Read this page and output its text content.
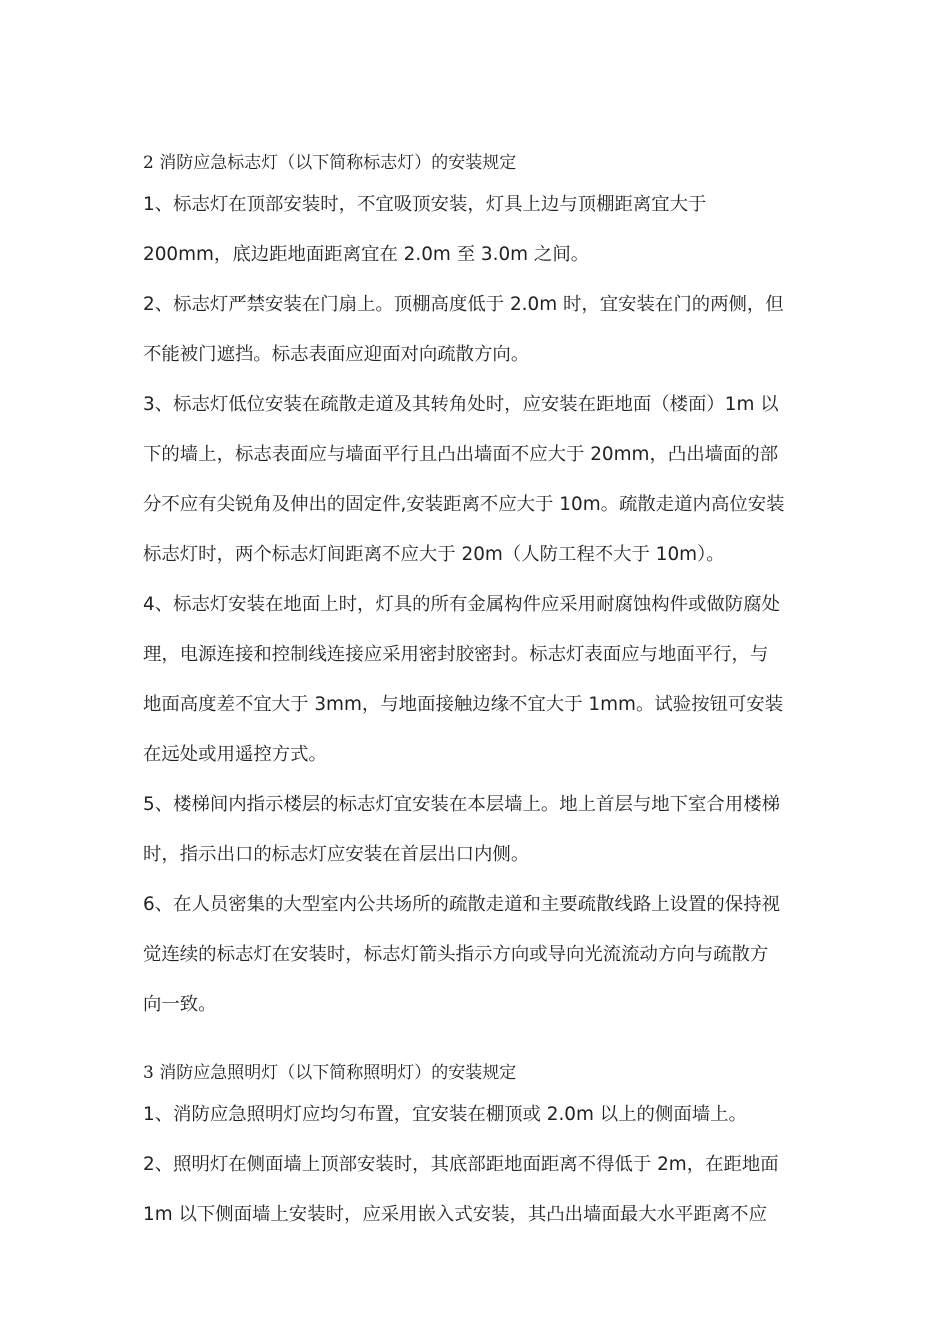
2 消防应急标志灯（以下简称标志灯）的安装规定

1、标志灯在顶部安装时，不宜吸顶安装，灯具上边与顶棚距离宜大于

200mm，底边距地面距离宜在 2.0m 至 3.0m 之间。

2、标志灯严禁安装在门扇上。顶棚高度低于 2.0m 时，宜安装在门的两侧，但

不能被门遮挡。标志表面应迎面对向疏散方向。

3、标志灯低位安装在疏散走道及其转角处时，应安装在距地面（楼面）1m 以

下的墙上，标志表面应与墙面平行且凸出墙面不应大于 20mm，凸出墙面的部

分不应有尖锐角及伸出的固定件,安装距离不应大于 10m。疏散走道内高位安装

标志灯时，两个标志灯间距离不应大于 20m（人防工程不大于 10m）。

4、标志灯安装在地面上时，灯具的所有金属构件应采用耐腐蚀构件或做防腐处

理，电源连接和控制线连接应采用密封胶密封。标志灯表面应与地面平行，与

地面高度差不宜大于 3mm，与地面接触边缘不宜大于 1mm。试验按钮可安装

在远处或用遥控方式。

5、楼梯间内指示楼层的标志灯宜安装在本层墙上。地上首层与地下室合用楼梯

时，指示出口的标志灯应安装在首层出口内侧。

6、在人员密集的大型室内公共场所的疏散走道和主要疏散线路上设置的保持视

觉连续的标志灯在安装时，标志灯箭头指示方向或导向光流流动方向与疏散方

向一致。

3 消防应急照明灯（以下简称照明灯）的安装规定

1、消防应急照明灯应均匀布置，宜安装在棚顶或 2.0m 以上的侧面墙上。

2、照明灯在侧面墙上顶部安装时，其底部距地面距离不得低于 2m，在距地面

1m 以下侧面墙上安装时，应采用嵌入式安装，其凸出墙面最大水平距离不应
